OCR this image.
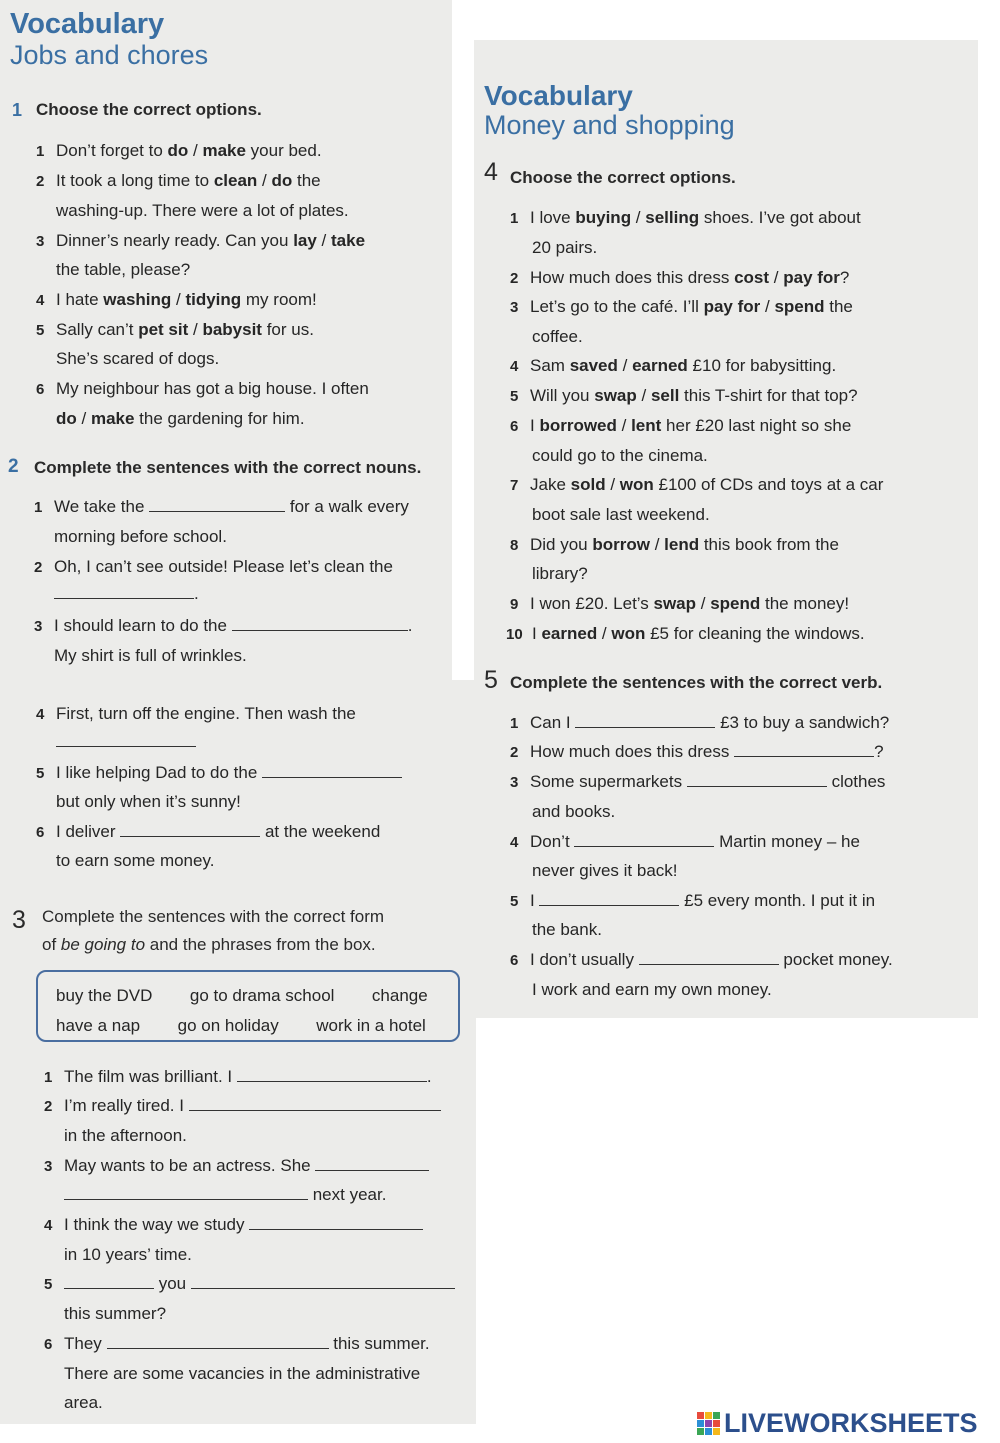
Vocabulary
Jobs and chores
1 Choose the correct options.
1 Don’t forget to do / make your bed.
2 It took a long time to clean / do the
washing-up. There were a lot of plates.
3 Dinner’s nearly ready. Can you lay / take
the table, please?
4 I hate washing / tidying my room!
5 Sally can’t pet sit / babysit for us.
She’s scared of dogs.
6 My neighbour has got a big house. I often
do / make the gardening for him.
2 Complete the sentences with the correct nouns.
1 We take the	for a walk every
morning before school.
2 Oh, I can’t see outside! Please let’s clean the
.
3 I should learn to do the	.
My shirt is full of wrinkles.
4 First, turn off the engine. Then wash the
5 I like helping Dad to do the
but only when it’s sunny!
6 I deliver	at the weekend
to earn some money.
Vocabulary
Money and shopping
4 Choose the correct options.
1 I love buying / selling shoes. I’ve got about
20 pairs.
2 How much does this dress cost / pay for?
3 Let’s go to the café. I’ll pay for / spend the
coffee.
4 Sam saved / earned £10 for babysitting.
5 Will you swap / sell this T-shirt for that top?
6 I borrowed / lent her £20 last night so she
could go to the cinema.
7 Jake sold / won £100 of CDs and toys at a car
boot sale last weekend.
8 Did you borrow / lend this book from the
library?
9 I won £20. Let’s swap / spend the money!
10 I earned / won £5 for cleaning the windows.
5 Complete the sentences with the correct verb.
1 Can I	£3 to buy a sandwich?
2 How much does this dress	?
3 Some supermarkets	clothes
and books.
4 Don’t	Martin money – he
never gives it back!
5 I	£5 every month. I put it in
the bank.
6 I don’t usually	pocket money.
I work and earn my own money.
3 Complete the sentences with the correct form
of be going to and the phrases from the box.
buy the DVD go to drama school change
have a nap go on holiday work in a hotel
1 The film was brilliant. I	.
2 I’m really tired. I
in the afternoon.
3 May wants to be an actress. She
next year.
4 I think the way we study
in 10 years’ time.
5	you
this summer?
6 They	this summer.
There are some vacancies in the administrative
area.
LIVEWORKSHEETS
